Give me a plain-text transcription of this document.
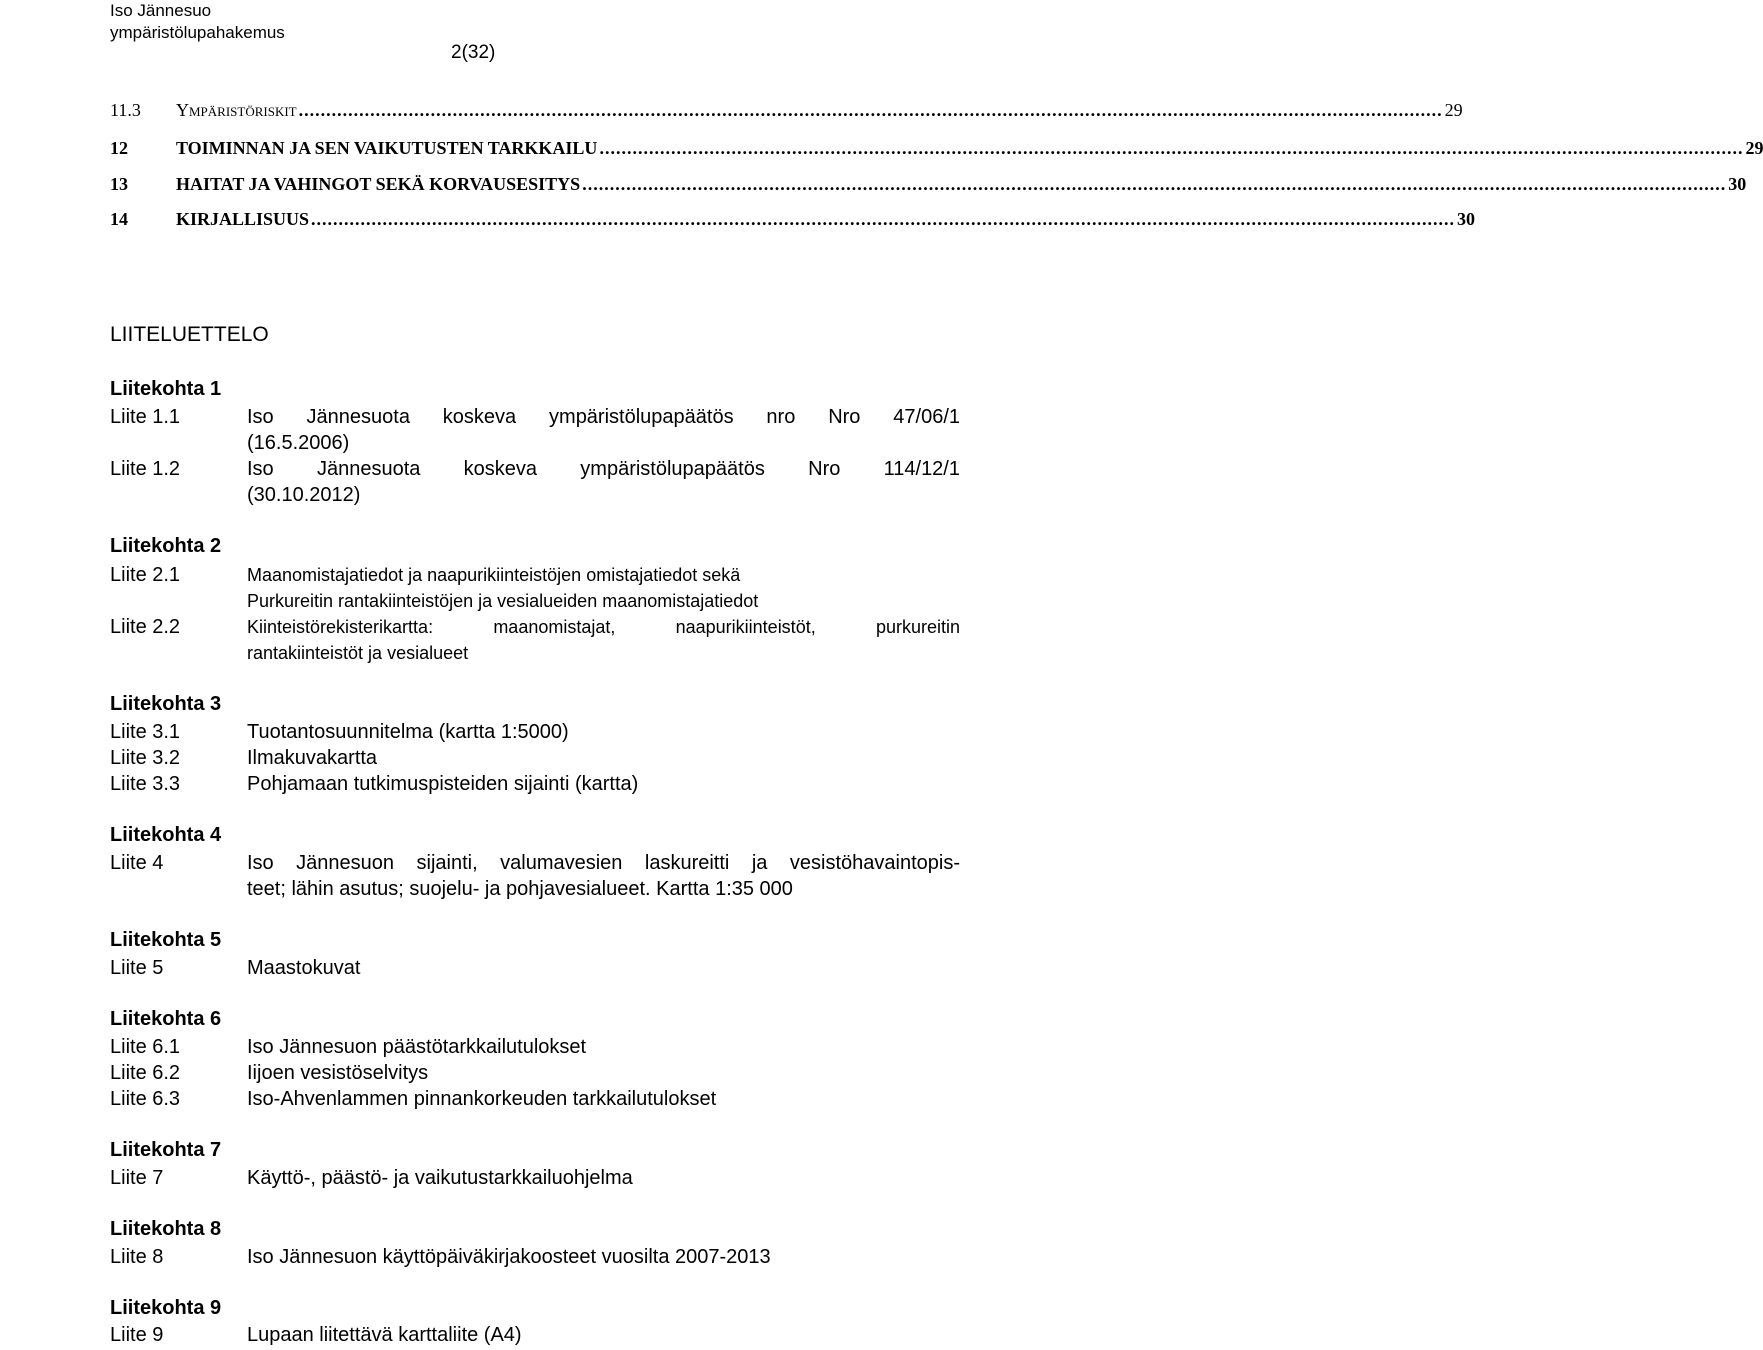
Iso Jännesuo
ympäristölupahakemus
2(32)
11.3	Ympäristöriskit .....	29
12	TOIMINNAN JA SEN VAIKUTUSTEN TARKKAILU .....	29
13	HAITAT JA VAHINGOT SEKÄ KORVAUSESITYS .....	30
14	KIRJALLISUUS .....	30
LIITELUETTELO
Liitekohta 1
Liite 1.1	Iso Jännesuota koskeva ympäristölupapäätös nro Nro 47/06/1
(16.5.2006)
Liite 1.2	Iso Jännesuota koskeva ympäristölupapäätös Nro 114/12/1
(30.10.2012)
Liitekohta 2
Liite 2.1	Maanomistajatiedot ja naapurikiinteistöjen omistajatiedot sekä
Purkureitin rantakiinteistöjen ja vesialueiden maanomistajatiedot
Liite 2.2	Kiinteistörekisterikartta: maanomistajat, naapurikiinteistöt, purkureitin
rantakiinteistöt ja vesialueet
Liitekohta 3
Liite 3.1	Tuotantosuunnitelma (kartta 1:5000)
Liite 3.2	Ilmakuvakartta
Liite 3.3	Pohjamaan tutkimuspisteiden sijainti (kartta)
Liitekohta 4
Liite 4	Iso Jännesuon sijainti, valumavesien laskureitti ja vesistöhavaintopis-
teet; lähin asutus; suojelu- ja pohjavesialueet. Kartta 1:35 000
Liitekohta 5
Liite 5	Maastokuvat
Liitekohta 6
Liite 6.1	Iso Jännesuon päästötarkkailutulokset
Liite 6.2	Iijoen vesistöselvitys
Liite 6.3	Iso-Ahvenlammen pinnankorkeuden tarkkailutulokset
Liitekohta 7
Liite 7	Käyttö-, päästö- ja vaikutustarkkailuohjelma
Liitekohta 8
Liite 8	Iso Jännesuon käyttöpäiväkirjakoosteet vuosilta 2007-2013
Liitekohta 9
Liite 9	Lupaan liitettävä karttaliite (A4)
